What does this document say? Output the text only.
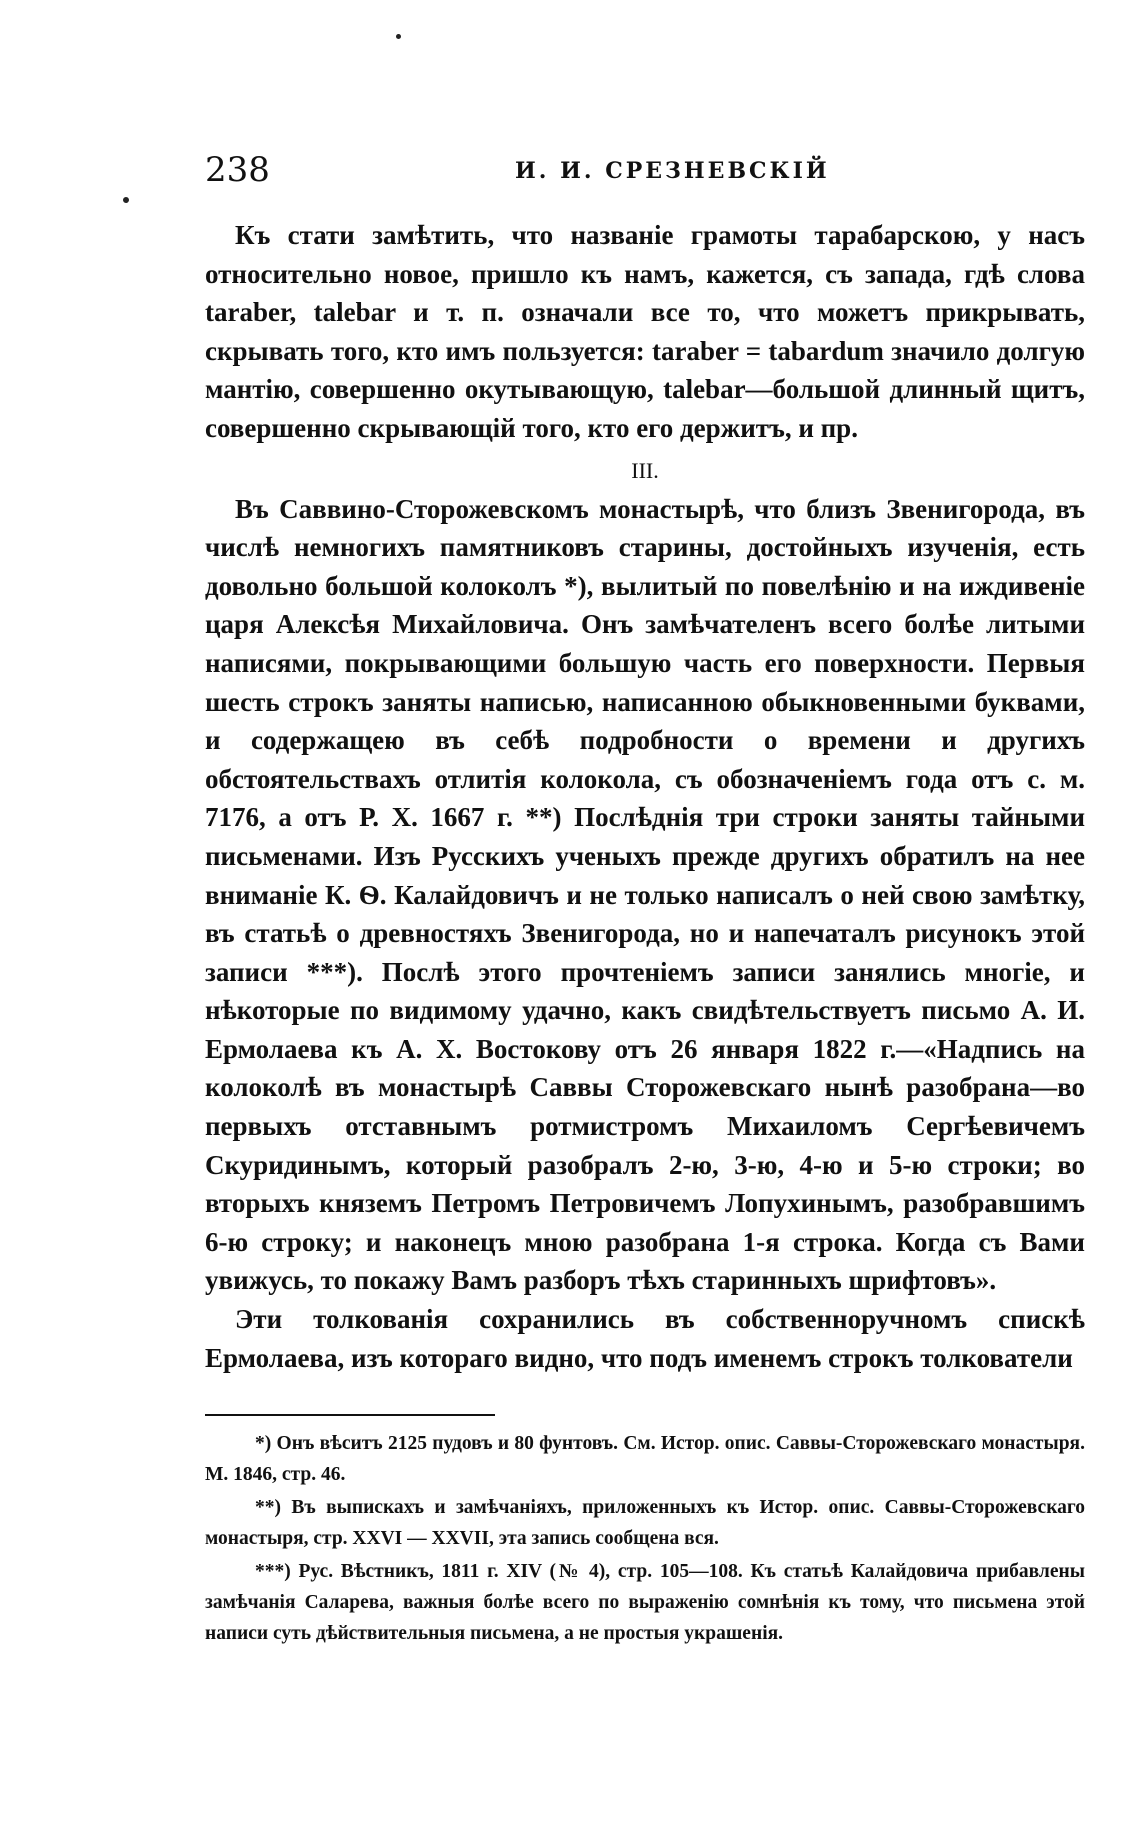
238	И. И. СРЕЗНЕВСКІЙ

Къ стати замѣтить, что названіе грамоты тарабарскою, у насъ относительно новое, пришло къ намъ, кажется, съ запада, гдѣ слова taraber, talebar и т. п. означали все то, что можетъ прикрывать, скрывать того, кто имъ пользуется: taraber = tabardum значило долгую мантію, совершенно окутывающую, talebar—большой длинный щитъ, совершенно скрывающій того, кто его держитъ, и пр.

III.

Въ Саввино-Сторожевскомъ монастырѣ, что близъ Звенигорода, въ числѣ немногихъ памятниковъ старины, достойныхъ изученія, есть довольно большой колоколъ *), вылитый по повелѣнію и на иждивеніе царя Алексѣя Михайловича. Онъ замѣчателенъ всего болѣе литыми написями, покрывающими большую часть его поверхности. Первыя шесть строкъ заняты написью, написанною обыкновенными буквами, и содержащею въ себѣ подробности о времени и другихъ обстоятельствахъ отлитія колокола, съ обозначеніемъ года отъ с. м. 7176, а отъ Р. Х. 1667 г. **) Послѣднія три строки заняты тайными письменами. Изъ Русскихъ ученыхъ прежде другихъ обратилъ на нее вниманіе К. Ѳ. Калайдовичъ и не только написалъ о ней свою замѣтку, въ статьѣ о древностяхъ Звенигорода, но и напечаталъ рисунокъ этой записи ***). Послѣ этого прочтеніемъ записи занялись многіе, и нѣкоторые по видимому удачно, какъ свидѣтельствуетъ письмо А. И. Ермолаева къ А. Х. Востокову отъ 26 января 1822 г.—«Надпись на колоколѣ въ монастырѣ Саввы Сторожевскаго нынѣ разобрана—во первыхъ отставнымъ ротмистромъ Михаиломъ Сергѣевичемъ Скуридинымъ, который разобралъ 2-ю, 3-ю, 4-ю и 5-ю строки; во вторыхъ княземъ Петромъ Петровичемъ Лопухинымъ, разобравшимъ 6-ю строку; и наконецъ мною разобрана 1-я строка. Когда съ Вами увижусь, то покажу Вамъ разборъ тѣхъ старинныхъ шрифтовъ».

Эти толкованія сохранились въ собственноручномъ спискѣ Ермолаева, изъ котораго видно, что подъ именемъ строкъ толкователи

*) Онъ вѣситъ 2125 пудовъ и 80 фунтовъ. См. Истор. опис. Саввы-Сторожевскаго монастыря. М. 1846, стр. 46.

**) Въ выпискахъ и замѣчаніяхъ, приложенныхъ къ Истор. опис. Саввы-Сторожевскаго монастыря, стр. XXVI — XXVII, эта запись сообщена вся.

***) Рус. Вѣстникъ, 1811 г. XIV (№ 4), стр. 105—108. Къ статьѣ Калайдовича прибавлены замѣчанія Саларева, важныя болѣе всего по выраженію сомнѣнія къ тому, что письмена этой написи суть дѣйствительныя письмена, а не простыя украшенія.
